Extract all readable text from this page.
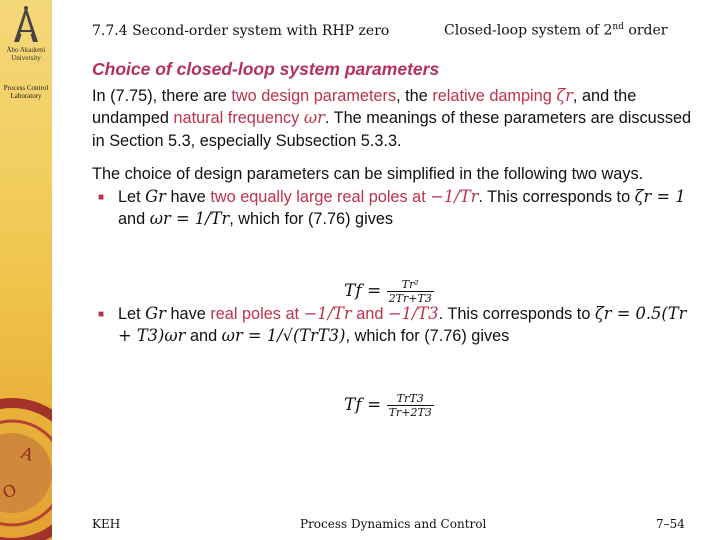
Åbo Akademi University
Process Control Laboratory
A
O
7.7.4 Second-order system with RHP zero	Closed-loop system of 2nd order
Choice of closed-loop system parameters

In (7.75), there are two design parameters, the relative damping ζr, and the undamped natural frequency ωr. The meanings of these parameters are discussed in Section 5.3, especially Subsection 5.3.3.

The choice of design parameters can be simplified in the following two ways.

■ Let Gr have two equally large real poles at −1/Tr. This corresponds to ζr = 1 and ωr = 1/Tr, which for (7.76) gives
■ Let Gr have real poles at −1/Tr and −1/T3. This corresponds to ζr = 0.5(Tr + T3)ωr and ωr = 1/√(TrT3), which for (7.76) gives
$Tf = \frac{\text{Tr²}}{2Tr+T3}$
$Tf = \frac{\text{TrT3}}{Tr+2T3}$
KEH	Process Dynamics and Control	7–54
